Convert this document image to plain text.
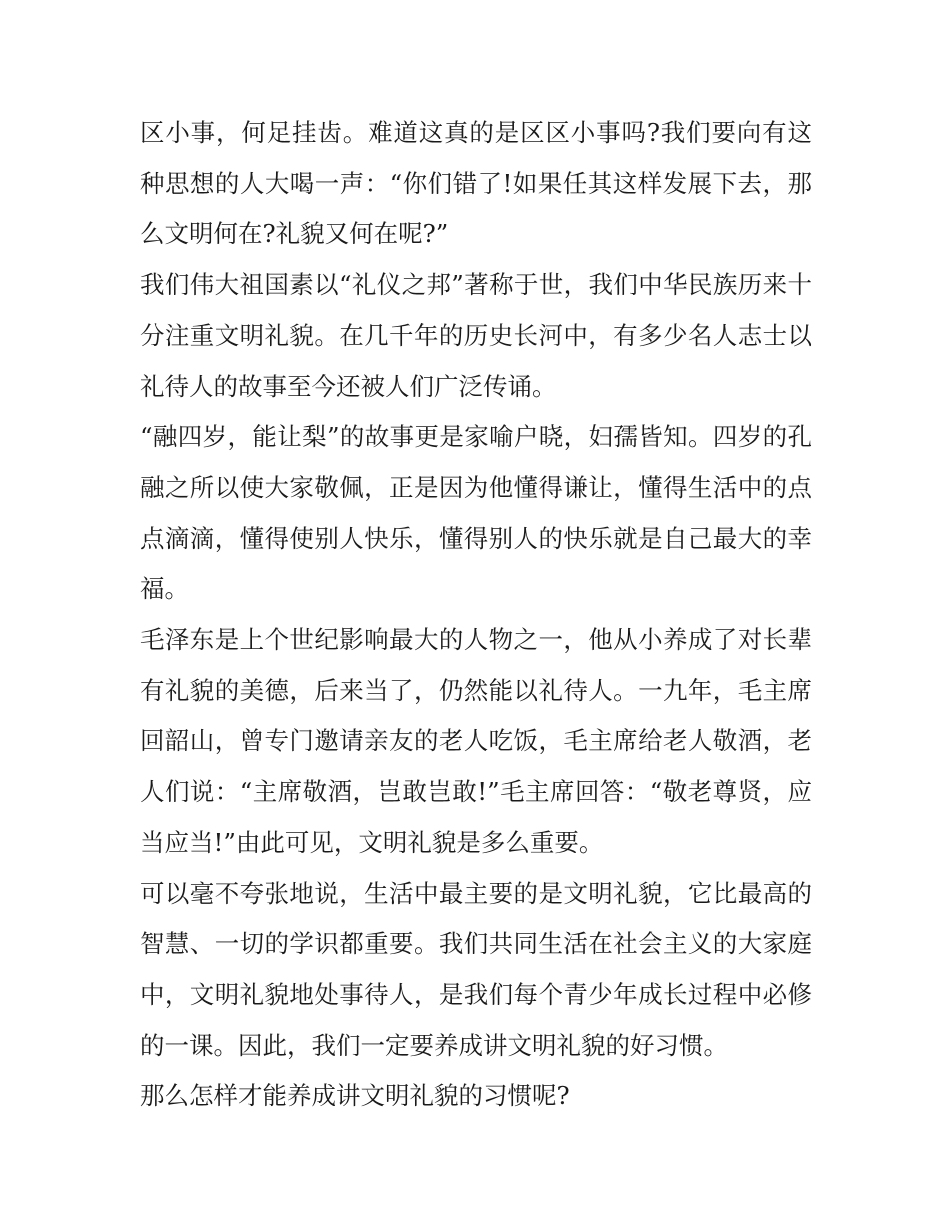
区小事，何足挂齿。难道这真的是区区小事吗?我们要向有这种思想的人大喝一声：“你们错了!如果任其这样发展下去，那么文明何在?礼貌又何在呢?”

我们伟大祖国素以“礼仪之邦”著称于世，我们中华民族历来十分注重文明礼貌。在几千年的历史长河中，有多少名人志士以礼待人的故事至今还被人们广泛传诵。

“融四岁，能让梨”的故事更是家喻户晓，妇孺皆知。四岁的孔融之所以使大家敬佩，正是因为他懂得谦让，懂得生活中的点点滴滴，懂得使别人快乐，懂得别人的快乐就是自己最大的幸福。

毛泽东是上个世纪影响最大的人物之一，他从小养成了对长辈有礼貌的美德，后来当了，仍然能以礼待人。一九年，毛主席回韶山，曾专门邀请亲友的老人吃饭，毛主席给老人敬酒，老人们说：“主席敬酒，岂敢岂敢!”毛主席回答：“敬老尊贤，应当应当!”由此可见，文明礼貌是多么重要。

可以毫不夸张地说，生活中最主要的是文明礼貌，它比最高的智慧、一切的学识都重要。我们共同生活在社会主义的大家庭中，文明礼貌地处事待人，是我们每个青少年成长过程中必修的一课。因此，我们一定要养成讲文明礼貌的好习惯。

那么怎样才能养成讲文明礼貌的习惯呢?
